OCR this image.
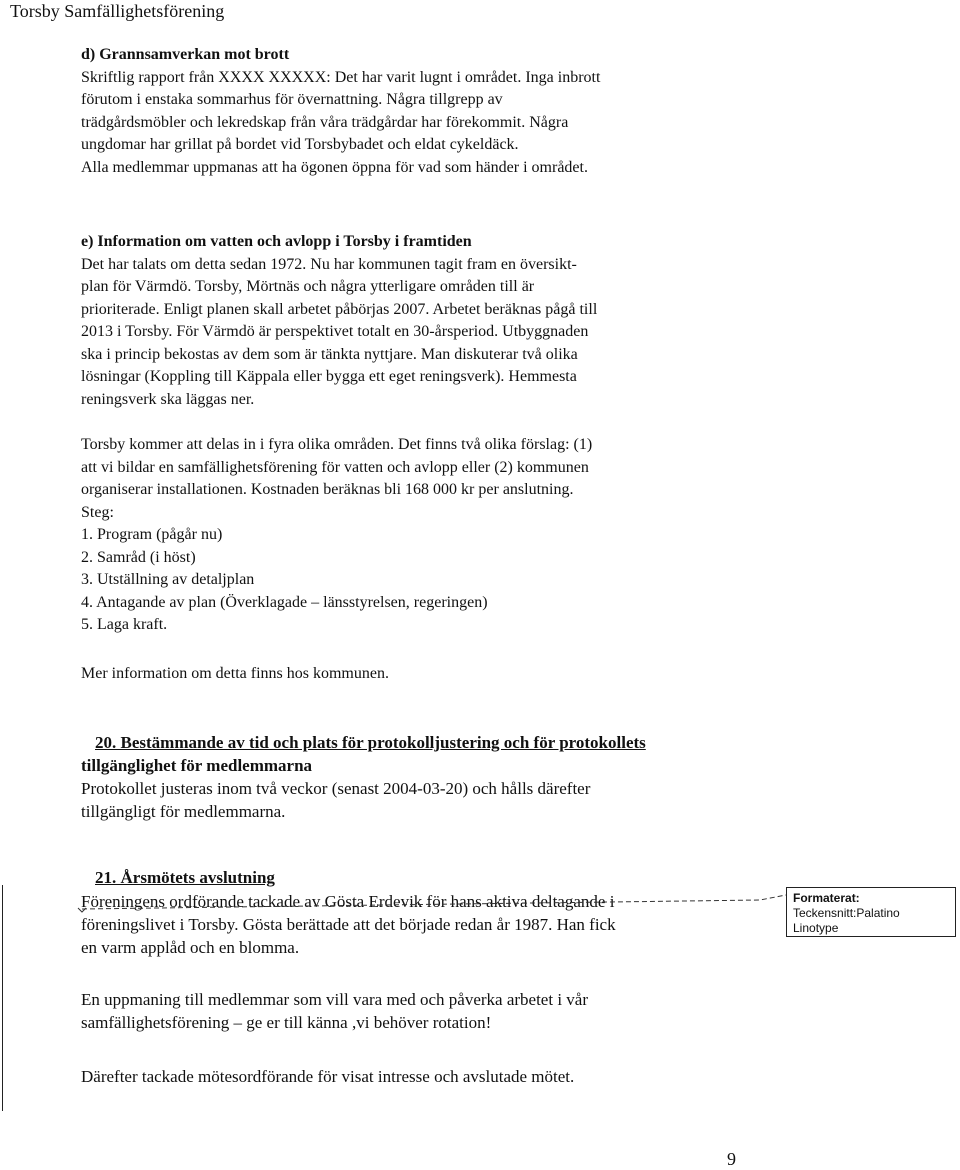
Torsby Samfällighetsförening
d) Grannsamverkan mot brott
Skriftlig rapport från XXXX XXXXX: Det har varit lugnt i området. Inga inbrott
förutom i enstaka sommarhus för övernattning. Några tillgrepp av
trädgårdsmöbler och lekredskap från våra trädgårdar har förekommit. Några
ungdomar har grillat på bordet vid Torsbybadet och eldat cykeldäck.
Alla medlemmar uppmanas att ha ögonen öppna för vad som händer i området.
e) Information om vatten och avlopp i Torsby i framtiden
Det har talats om detta sedan 1972. Nu har kommunen tagit fram en översikt-
plan för Värmdö. Torsby, Mörtnäs och några ytterligare områden till är
prioriterade. Enligt planen skall arbetet påbörjas 2007. Arbetet beräknas pågå till
2013 i Torsby. För Värmdö är perspektivet totalt en 30-årsperiod. Utbyggnaden
ska i princip bekostas av dem som är tänkta nyttjare. Man diskuterar två olika
lösningar (Koppling till Käppala eller bygga ett eget reningsverk). Hemmesta
reningsverk ska läggas ner.
Torsby kommer att delas in i fyra olika områden. Det finns två olika förslag: (1)
att vi bildar en samfällighetsförening för vatten och avlopp eller (2) kommunen
organiserar installationen. Kostnaden beräknas bli 168 000 kr per anslutning.
Steg:
1. Program (pågår nu)
2. Samråd (i höst)
3. Utställning av detaljplan
4. Antagande av plan (Överklagade – länsstyrelsen, regeringen)
5. Laga kraft.
Mer information om detta finns hos kommunen.
20. Bestämmande av tid och plats för protokolljustering och för protokollets
tillgänglighet för medlemmarna
Protokollet justeras inom två veckor (senast 2004-03-20) och hålls därefter
tillgängligt för medlemmarna.
21. Årsmötets avslutning
Föreningens ordförande tackade av Gösta Erdevik för hans aktiva deltagande i
föreningslivet i Torsby. Gösta berättade att det började redan år 1987. Han fick
en varm applåd och en blomma.
En uppmaning till medlemmar som vill vara med och påverka arbetet i vår
samfällighetsförening – ge er till känna ,vi behöver rotation!
Därefter tackade mötesordförande för visat intresse och avslutade mötet.
Formaterat:
Teckensnitt:Palatino
Linotype
9
